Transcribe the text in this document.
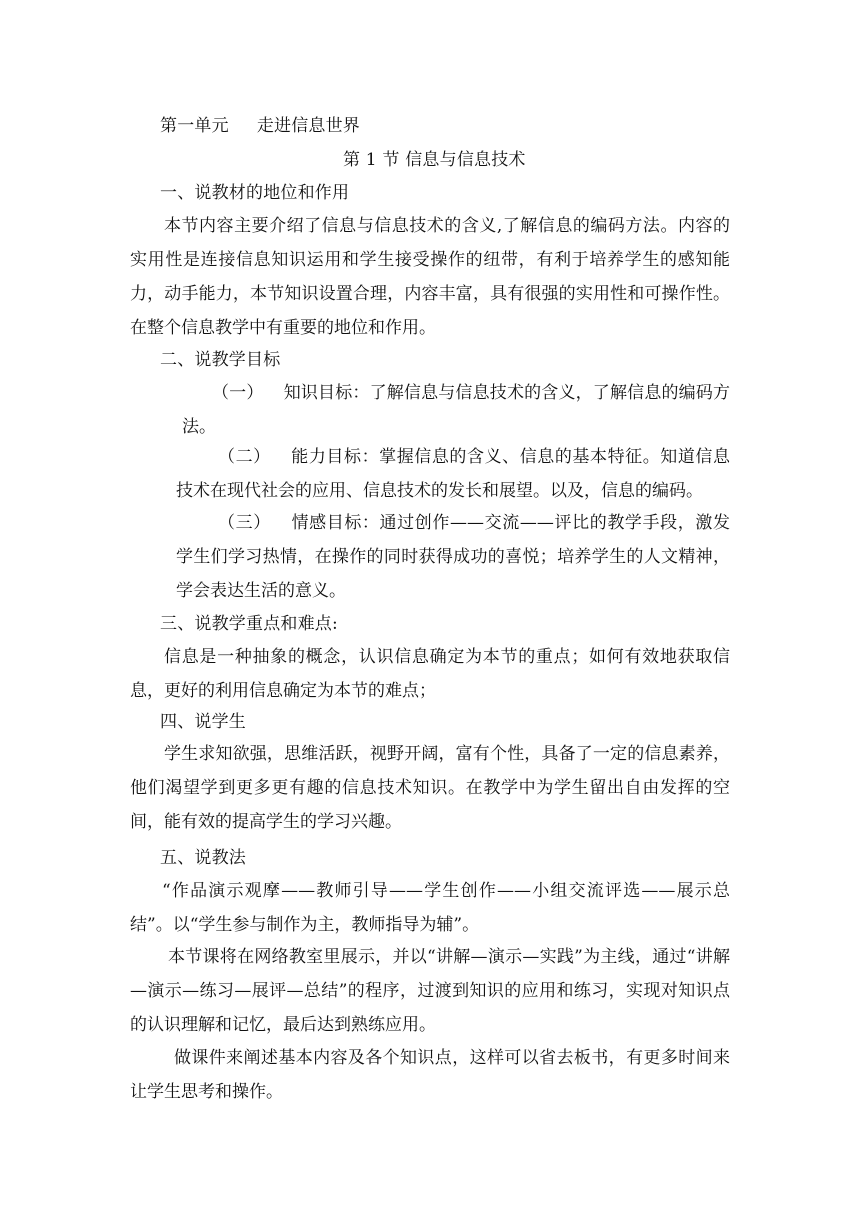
第一单元 走进信息世界
第 1 节 信息与信息技术
一、说教材的地位和作用
本节内容主要介绍了信息与信息技术的含义,了解信息的编码方法。内容的实用性是连接信息知识运用和学生接受操作的纽带，有利于培养学生的感知能力，动手能力，本节知识设置合理，内容丰富，具有很强的实用性和可操作性。在整个信息教学中有重要的地位和作用。
二、说教学目标
（一） 知识目标：了解信息与信息技术的含义，了解信息的编码方法。
（二） 能力目标：掌握信息的含义、信息的基本特征。知道信息技术在现代社会的应用、信息技术的发长和展望。以及，信息的编码。
（三） 情感目标：通过创作——交流——评比的教学手段，激发学生们学习热情，在操作的同时获得成功的喜悦；培养学生的人文精神，学会表达生活的意义。
三、说教学重点和难点:
信息是一种抽象的概念，认识信息确定为本节的重点；如何有效地获取信息，更好的利用信息确定为本节的难点；
四、说学生
学生求知欲强，思维活跃，视野开阔，富有个性，具备了一定的信息素养，他们渴望学到更多更有趣的信息技术知识。在教学中为学生留出自由发挥的空间，能有效的提高学生的学习兴趣。
五、说教法
“作品演示观摩——教师引导——学生创作——小组交流评选——展示总结”。以“学生参与制作为主，教师指导为辅”。
本节课将在网络教室里展示，并以“讲解—演示—实践”为主线，通过“讲解—演示—练习—展评—总结”的程序，过渡到知识的应用和练习，实现对知识点的认识理解和记忆，最后达到熟练应用。
做课件来阐述基本内容及各个知识点，这样可以省去板书，有更多时间来让学生思考和操作。
